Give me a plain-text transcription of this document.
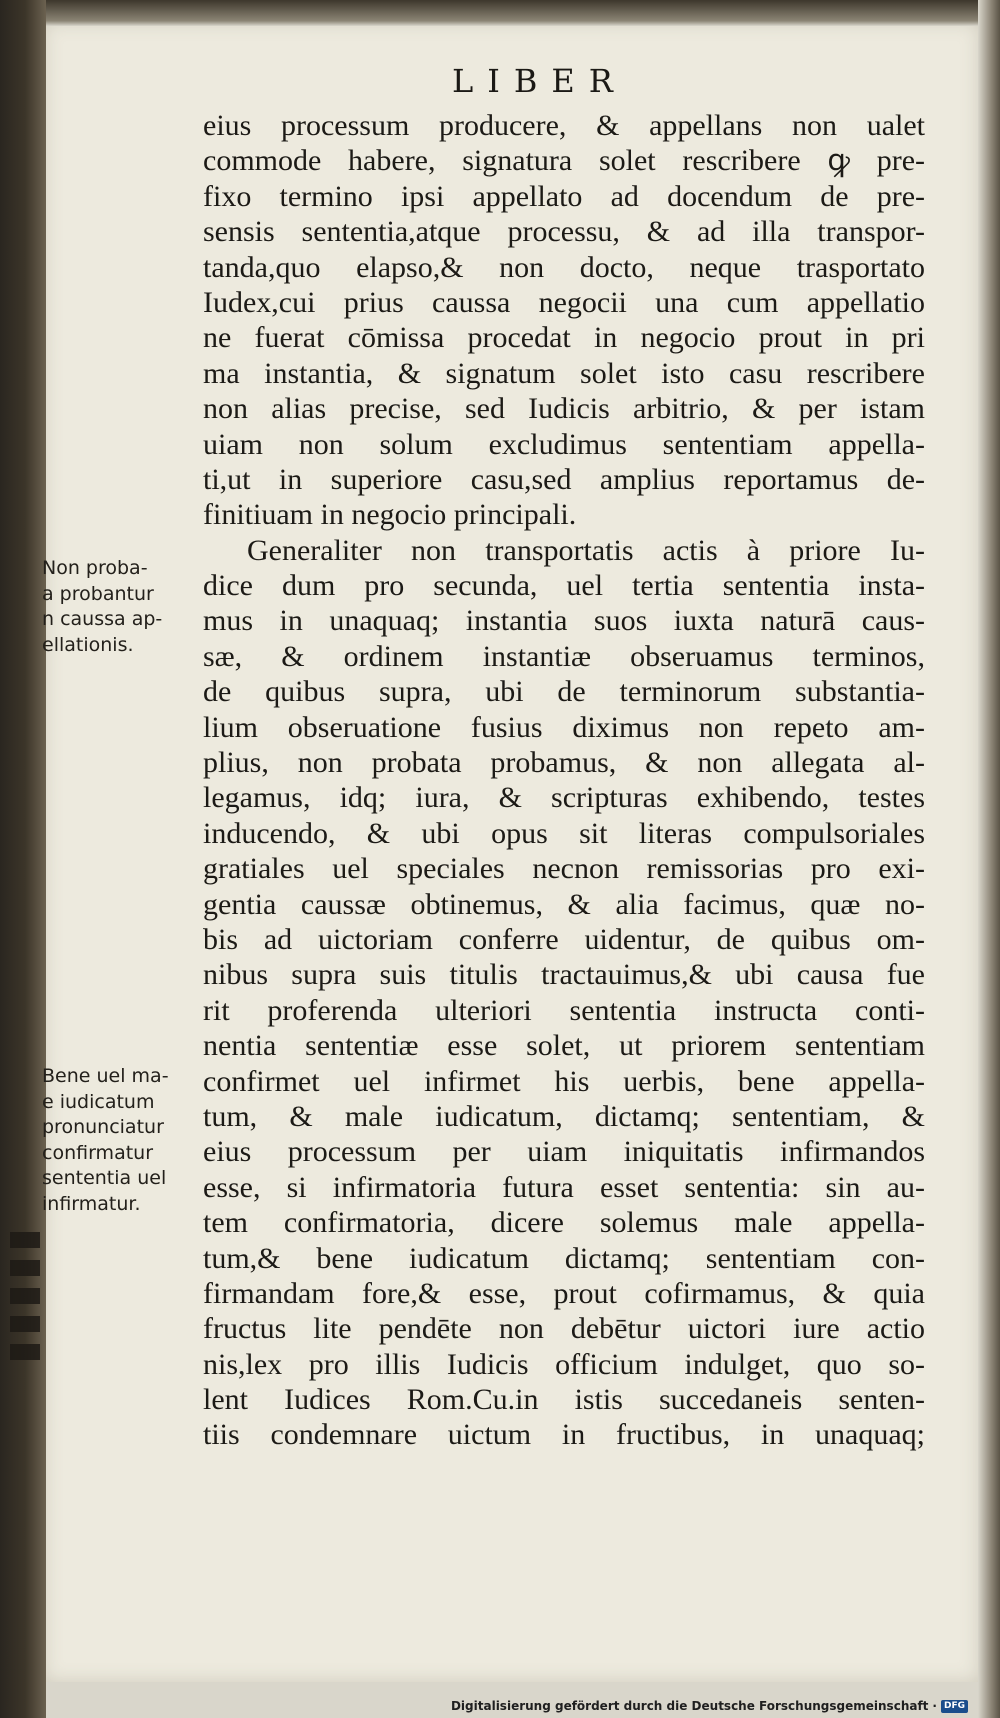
LIBER
eius processum producere, & appellans non ualet
commode habere, signatura solet rescribere ꝙ pre-
fixo termino ipsi appellato ad docendum de pre-
sensis sententia,atque processu, & ad illa transpor-
tanda,quo elapso,& non docto, neque trasportato
Iudex,cui prius caussa negocii una cum appellatio
ne fuerat cōmissa procedat in negocio prout in pri
ma instantia, & signatum solet isto casu rescribere
non alias precise, sed Iudicis arbitrio, & per istam
uiam non solum excludimus sententiam appella-
ti,ut in superiore casu,sed amplius reportamus de-
finitiuam in negocio principali.
Generaliter non transportatis actis à priore Iu-
dice dum pro secunda, uel tertia sententia insta-
mus in unaquaq; instantia suos iuxta naturā caus-
sæ, & ordinem instantiæ obseruamus terminos,
de quibus supra, ubi de terminorum substantia-
lium obseruatione fusius diximus non repeto am-
plius, non probata probamus, & non allegata al-
legamus, idq; iura, & scripturas exhibendo, testes
inducendo, & ubi opus sit literas compulsoriales
gratiales uel speciales necnon remissorias pro exi-
gentia caussæ obtinemus, & alia facimus, quæ no-
bis ad uictoriam conferre uidentur, de quibus om-
nibus supra suis titulis tractauimus,& ubi causa fue
rit proferenda ulteriori sententia instructa conti-
nentia sententiæ esse solet, ut priorem sententiam
confirmet uel infirmet his uerbis, bene appella-
tum, & male iudicatum, dictamq; sententiam, &
eius processum per uiam iniquitatis infirmandos
esse, si infirmatoria futura esset sententia: sin au-
tem confirmatoria, dicere solemus male appella-
tum,& bene iudicatum dictamq; sententiam con-
firmandam fore,& esse, prout cofirmamus, & quia
fructus lite pendēte non debētur uictori iure actio
nis,lex pro illis Iudicis officium indulget, quo so-
lent Iudices Rom.Cu.in istis succedaneis senten-
tiis condemnare uictum in fructibus, in unaquaq;
Non proba-
a probantur
n caussa ap-
ellationis.
Bene uel ma-
e iudicatum
pronunciatur
confirmatur
sententia uel
infirmatur.
Digitalisierung gefördert durch die Deutsche Forschungsgemeinschaft · DFG
